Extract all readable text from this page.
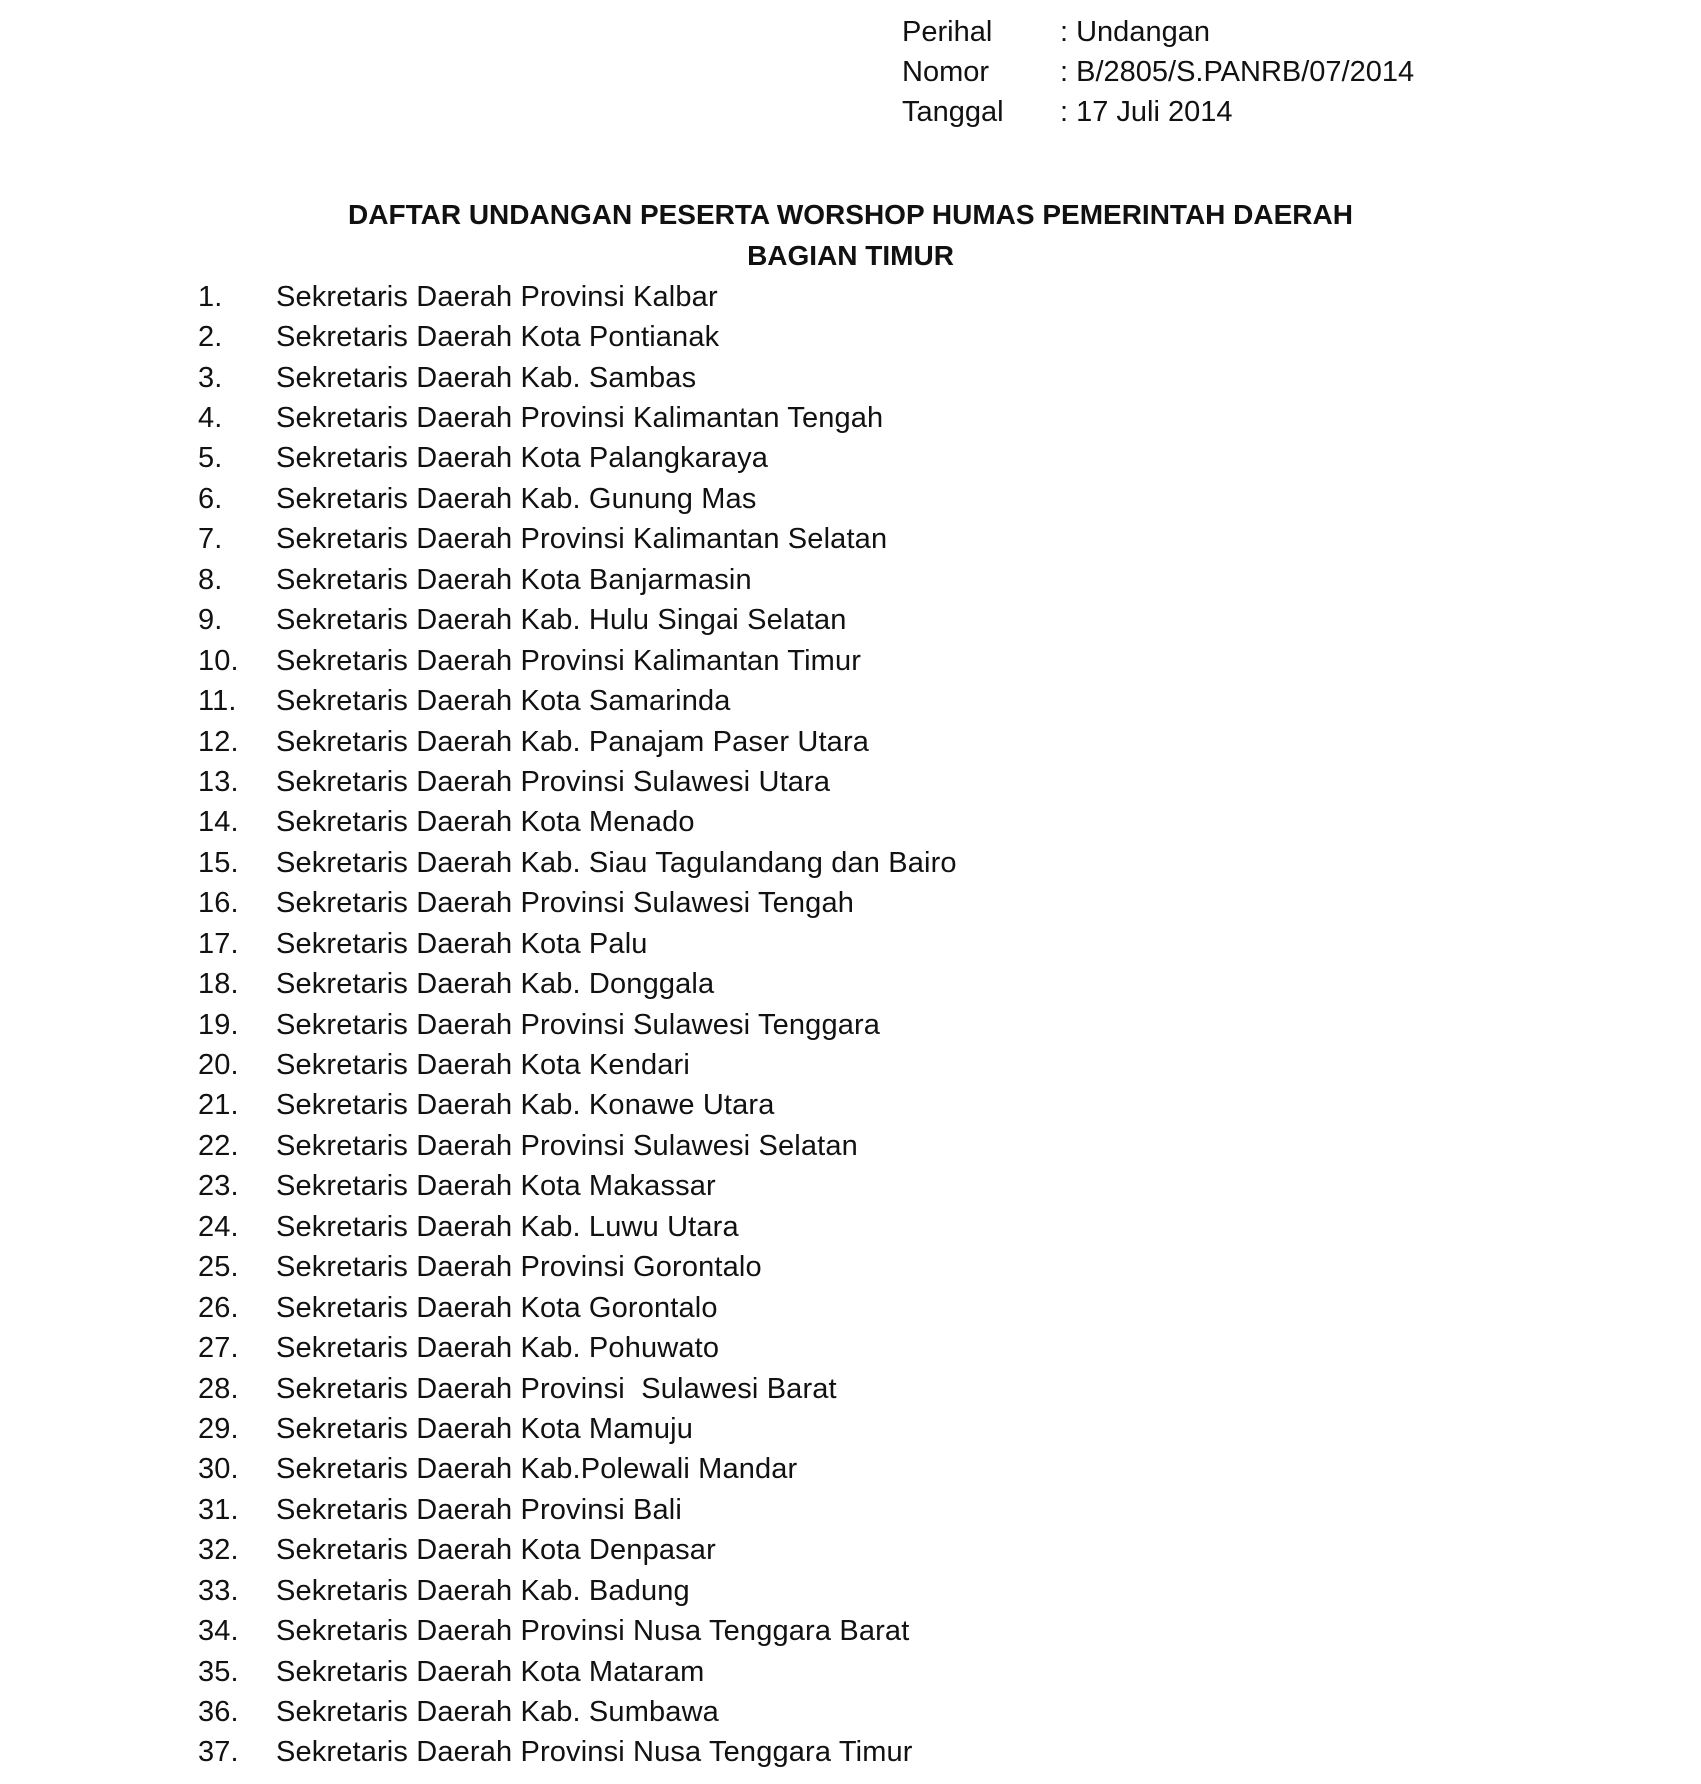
Perihal	: Undangan
Nomor	: B/2805/S.PANRB/07/2014
Tanggal	: 17 Juli 2014
DAFTAR UNDANGAN PESERTA WORSHOP HUMAS PEMERINTAH DAERAH
BAGIAN TIMUR
1.	Sekretaris Daerah Provinsi Kalbar
2.	Sekretaris Daerah Kota Pontianak
3.	Sekretaris Daerah Kab. Sambas
4.	Sekretaris Daerah Provinsi Kalimantan Tengah
5.	Sekretaris Daerah Kota Palangkaraya
6.	Sekretaris Daerah Kab. Gunung Mas
7.	Sekretaris Daerah Provinsi Kalimantan Selatan
8.	Sekretaris Daerah Kota Banjarmasin
9.	Sekretaris Daerah Kab. Hulu Singai Selatan
10.	Sekretaris Daerah Provinsi Kalimantan Timur
11.	Sekretaris Daerah Kota Samarinda
12.	Sekretaris Daerah Kab. Panajam Paser Utara
13.	Sekretaris Daerah Provinsi Sulawesi Utara
14.	Sekretaris Daerah Kota Menado
15.	Sekretaris Daerah Kab. Siau Tagulandang dan Bairo
16.	Sekretaris Daerah Provinsi Sulawesi Tengah
17.	Sekretaris Daerah Kota Palu
18.	Sekretaris Daerah Kab. Donggala
19.	Sekretaris Daerah Provinsi Sulawesi Tenggara
20.	Sekretaris Daerah Kota Kendari
21.	Sekretaris Daerah Kab. Konawe Utara
22.	Sekretaris Daerah Provinsi Sulawesi Selatan
23.	Sekretaris Daerah Kota Makassar
24.	Sekretaris Daerah Kab. Luwu Utara
25.	Sekretaris Daerah Provinsi Gorontalo
26.	Sekretaris Daerah Kota Gorontalo
27.	Sekretaris Daerah Kab. Pohuwato
28.	Sekretaris Daerah Provinsi  Sulawesi Barat
29.	Sekretaris Daerah Kota Mamuju
30.	Sekretaris Daerah Kab.Polewali Mandar
31.	Sekretaris Daerah Provinsi Bali
32.	Sekretaris Daerah Kota Denpasar
33.	Sekretaris Daerah Kab. Badung
34.	Sekretaris Daerah Provinsi Nusa Tenggara Barat
35.	Sekretaris Daerah Kota Mataram
36.	Sekretaris Daerah Kab. Sumbawa
37.	Sekretaris Daerah Provinsi Nusa Tenggara Timur
